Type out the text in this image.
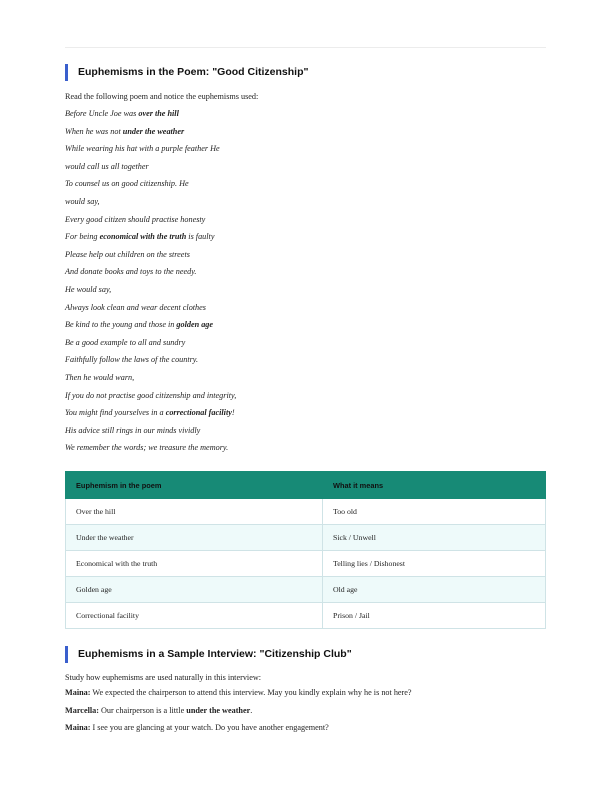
Euphemisms in the Poem: "Good Citizenship"

Read the following poem and notice the euphemisms used:

Before Uncle Joe was over the hill
When he was not under the weather
While wearing his hat with a purple feather He
would call us all together
To counsel us on good citizenship. He
would say,
Every good citizen should practise honesty
For being economical with the truth is faulty
Please help out children on the streets
And donate books and toys to the needy.
He would say,
Always look clean and wear decent clothes
Be kind to the young and those in golden age
Be a good example to all and sundry
Faithfully follow the laws of the country.
Then he would warn,
If you do not practise good citizenship and integrity,
You might find yourselves in a correctional facility!
His advice still rings in our minds vividly
We remember the words; we treasure the memory.
Euphemism in the poem	What it means
Over the hill	Too old
Under the weather	Sick / Unwell
Economical with the truth	Telling lies / Dishonest
Golden age	Old age
Correctional facility	Prison / Jail
Euphemisms in a Sample Interview: "Citizenship Club"

Study how euphemisms are used naturally in this interview:

Maina: We expected the chairperson to attend this interview. May you kindly explain why he is not here?

Marcella: Our chairperson is a little under the weather.

Maina: I see you are glancing at your watch. Do you have another engagement?
